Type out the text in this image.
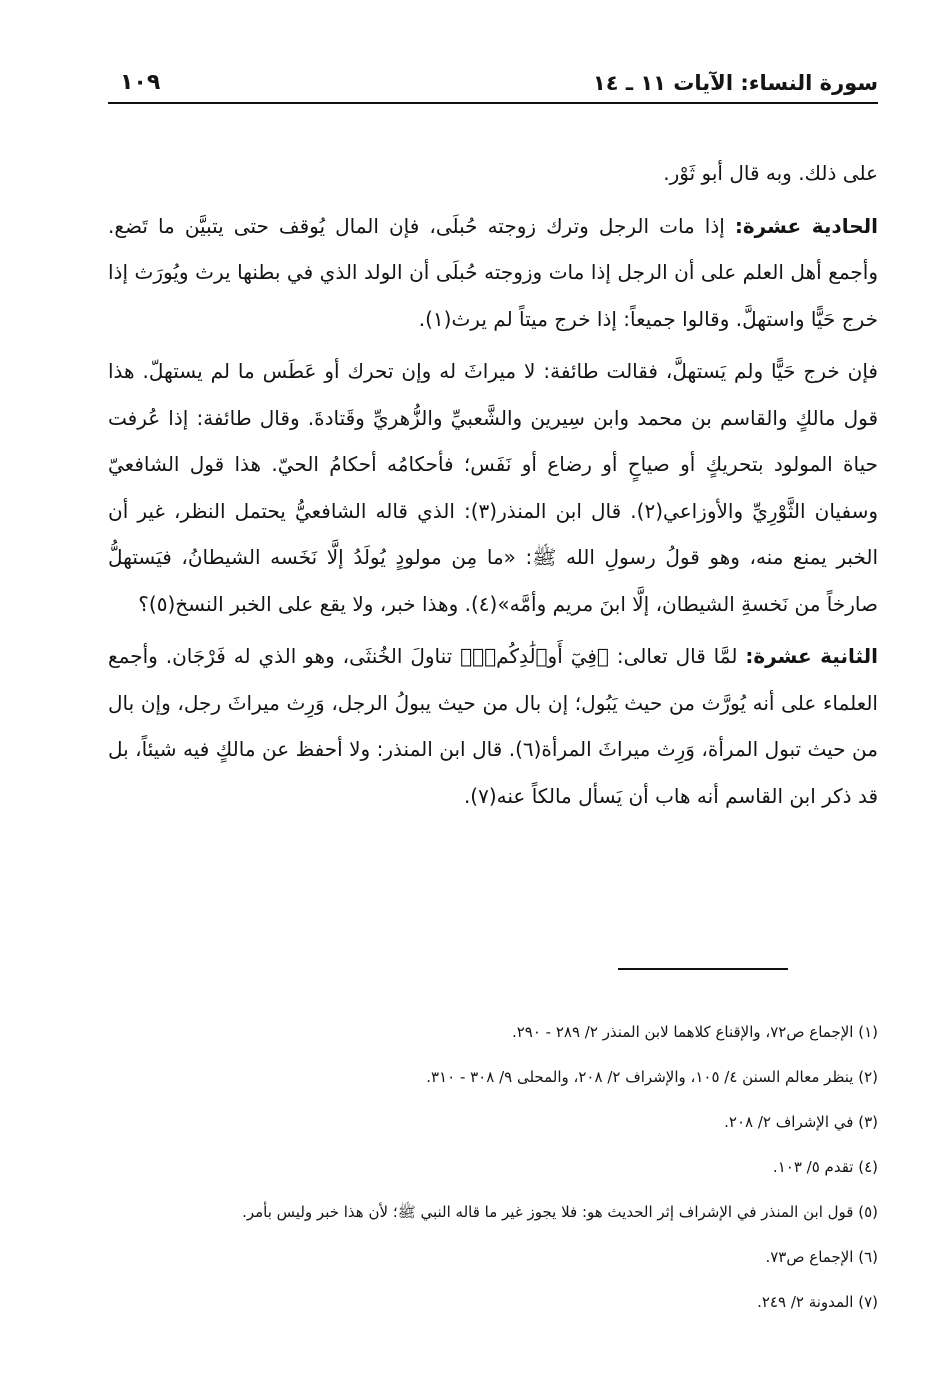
سورة النساء: الآيات ١١ ـ ١٤
١٠٩

على ذلك. وبه قال أبو ثَوْر.

الحادية عشرة: إذا مات الرجل وترك زوجته حُبلَى، فإن المال يُوقف حتى يتبيَّن ما تَضع. وأجمع أهل العلم على أن الرجل إذا مات وزوجته حُبلَى أن الولد الذي في بطنها يرث ويُورَث إذا خرج حَيًّا واستهلَّ. وقالوا جميعاً: إذا خرج ميتاً لم يرث(١).

فإن خرج حَيًّا ولم يَستهلَّ، فقالت طائفة: لا ميراثَ له وإن تحرك أو عَطَس ما لم يستهلّ. هذا قول مالكٍ والقاسم بن محمد وابن سِيرين والشَّعبيِّ والزُّهريِّ وقَتادةَ. وقال طائفة: إذا عُرفت حياة المولود بتحريكٍ أو صياحٍ أو رضاع أو نَفَس؛ فأحكامُه أحكامُ الحيّ. هذا قول الشافعيّ وسفيان الثَّوْرِيِّ والأوزاعي(٢). قال ابن المنذر(٣): الذي قاله الشافعيُّ يحتمل النظر، غير أن الخبر يمنع منه، وهو قولُ رسولِ الله ﷺ: «ما مِن مولودٍ يُولَدُ إلَّا نَخَسه الشيطانُ، فيَستهلُّ صارخاً من نَخسةِ الشيطان، إلَّا ابنَ مريم وأمَّه»(٤). وهذا خبر، ولا يقع على الخبر النسخ(٥)؟

الثانية عشرة: لمَّا قال تعالى: ﴿فِيٓ أَوۡلَٰدِكُمۡۖ﴾ تناولَ الخُنثَى، وهو الذي له فَرْجَان. وأجمع العلماء على أنه يُورَّث من حيث يَبُول؛ إن بال من حيث يبولُ الرجل، وَرِث ميراثَ رجل، وإن بال من حيث تبول المرأة، وَرِث ميراثَ المرأة(٦). قال ابن المنذر: ولا أحفظ عن مالكٍ فيه شيئاً، بل قد ذكر ابن القاسم أنه هاب أن يَسأل مالكاً عنه(٧).

(١) الإجماع ص٧٢، والإقناع كلاهما لابن المنذر ٢/ ٢٨٩ - ٢٩٠.
(٢) ينظر معالم السنن ٤/ ١٠٥، والإشراف ٢/ ٢٠٨، والمحلى ٩/ ٣٠٨ - ٣١٠.
(٣) في الإشراف ٢/ ٢٠٨.
(٤) تقدم ٥/ ١٠٣.
(٥) قول ابن المنذر في الإشراف إثر الحديث هو: فلا يجوز غير ما قاله النبي ﷺ؛ لأن هذا خبر وليس بأمر.
(٦) الإجماع ص٧٣.
(٧) المدونة ٢/ ٢٤٩.
